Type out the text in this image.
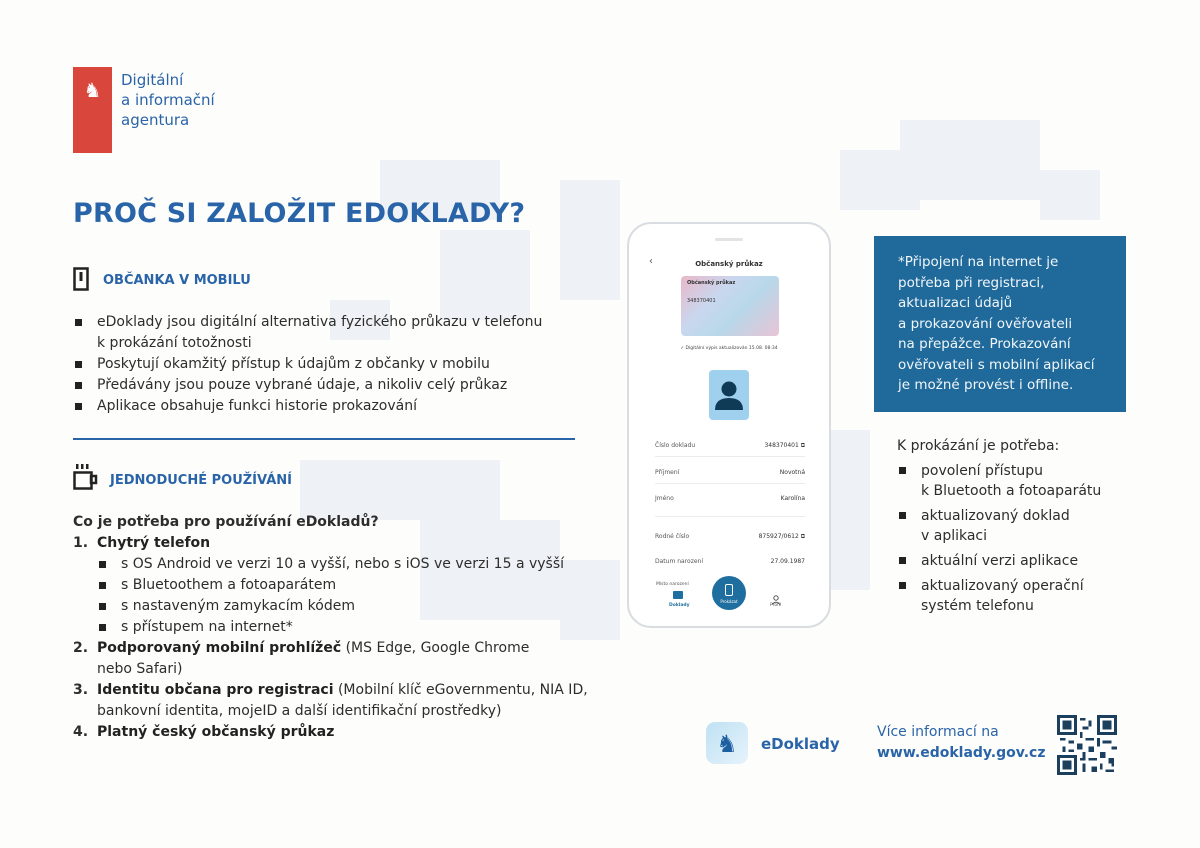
♞ Digitální
a informační
agentura
PROČ SI ZALOŽIT EDOKLADY?
OBČANKA V MOBILU
eDoklady jsou digitální alternativa fyzického průkazu v telefonu
k prokázání totožnosti
Poskytují okamžitý přístup k údajům z občanky v mobilu
Předávány jsou pouze vybrané údaje, a nikoliv celý průkaz
Aplikace obsahuje funkci historie prokazování
JEDNODUCHÉ POUŽÍVÁNÍ
Co je potřeba pro používání eDokladů?
1. Chytrý telefon
s OS Android ve verzi 10 a vyšší, nebo s iOS ve verzi 15 a vyšší
s Bluetoothem a fotoaparátem
s nastaveným zamykacím kódem
s přístupem na internet*
2. Podporovaný mobilní prohlížeč (MS Edge, Google Chrome
nebo Safari)
3. Identitu občana pro registraci (Mobilní klíč eGovernmentu, NIA ID,
bankovní identita, mojeID a další identifikační prostředky)
4. Platný český občanský průkaz
‹	Občanský průkaz
Občanský průkaz
348370401
✓ Digitální výpis aktualizován 15.08. 08:34
Číslo dokladu	348370401 ⧉
Příjmení	Novotná
Jméno	Karolína
Rodné číslo	875927/0612 ⧉
Datum narození	27.09.1987
Místo narození
Doklady
Prokázat
Profil
*Připojení na internet je
potřeba při registraci,
aktualizaci údajů
a prokazování ověřovateli
na přepážce. Prokazování
ověřovateli s mobilní aplikací
je možné provést i offline.
K prokázání je potřeba:
povolení přístupu
k Bluetooth a fotoaparátu
aktualizovaný doklad
v aplikaci
aktuální verzi aplikace
aktualizovaný operační
systém telefonu
♞ eDoklady
Více informací na
www.edoklady.gov.cz
